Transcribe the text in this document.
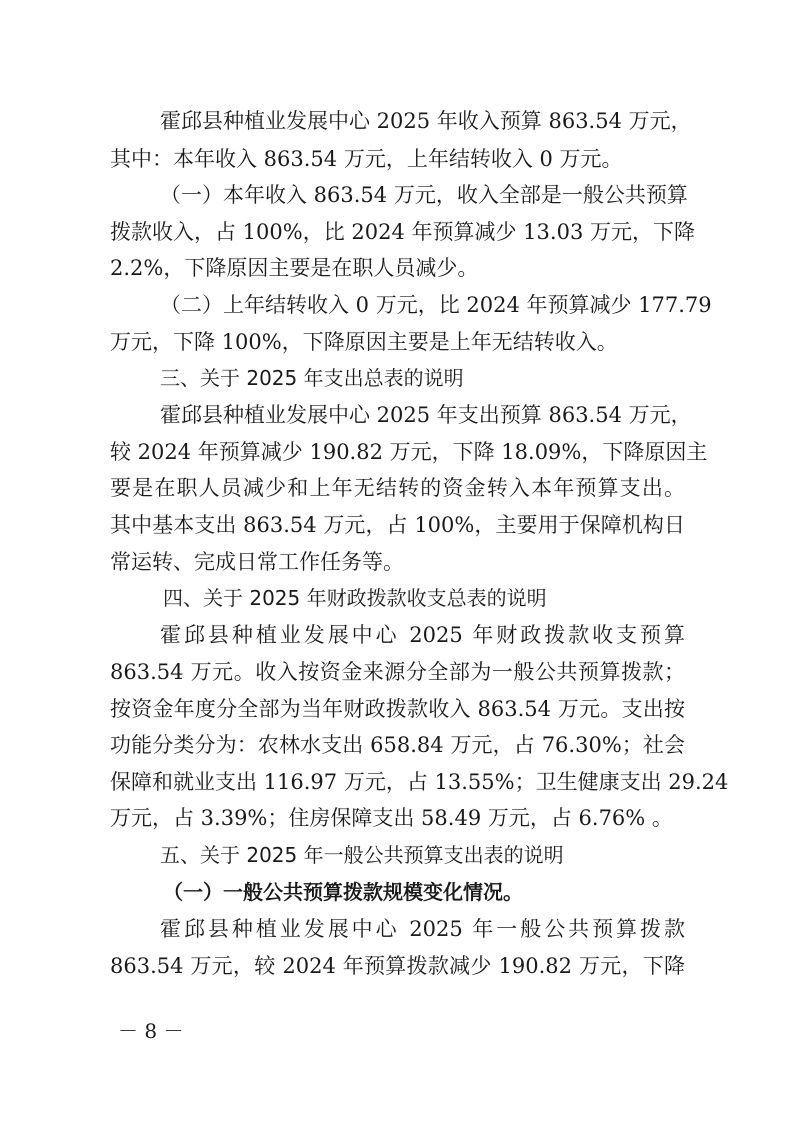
霍邱县种植业发展中心 2025 年收入预算 863.54 万元，
其中：本年收入 863.54 万元，上年结转收入 0 万元。
（一）本年收入 863.54 万元，收入全部是一般公共预算
拨款收入，占 100%，比 2024 年预算减少 13.03 万元，下降
2.2%，下降原因主要是在职人员减少。
（二）上年结转收入 0 万元，比 2024 年预算减少 177.79
万元，下降 100%，下降原因主要是上年无结转收入。
三、关于 2025 年支出总表的说明
霍邱县种植业发展中心 2025 年支出预算 863.54 万元，
较 2024 年预算减少 190.82 万元，下降 18.09%，下降原因主
要是在职人员减少和上年无结转的资金转入本年预算支出。
其中基本支出 863.54 万元，占 100%，主要用于保障机构日
常运转、完成日常工作任务等。
四、关于 2025 年财政拨款收支总表的说明
霍邱县种植业发展中心 2025 年财政拨款收支预算
863.54 万元。收入按资金来源分全部为一般公共预算拨款；
按资金年度分全部为当年财政拨款收入 863.54 万元。支出按
功能分类分为：农林水支出 658.84 万元，占 76.30%；社会
保障和就业支出 116.97 万元，占 13.55%；卫生健康支出 29.24
万元，占 3.39%；住房保障支出 58.49 万元，占 6.76% 。
五、关于 2025 年一般公共预算支出表的说明
（一）一般公共预算拨款规模变化情况。
霍邱县种植业发展中心 2025 年一般公共预算拨款
863.54 万元，较 2024 年预算拨款减少 190.82 万元，下降
－ 8 －
